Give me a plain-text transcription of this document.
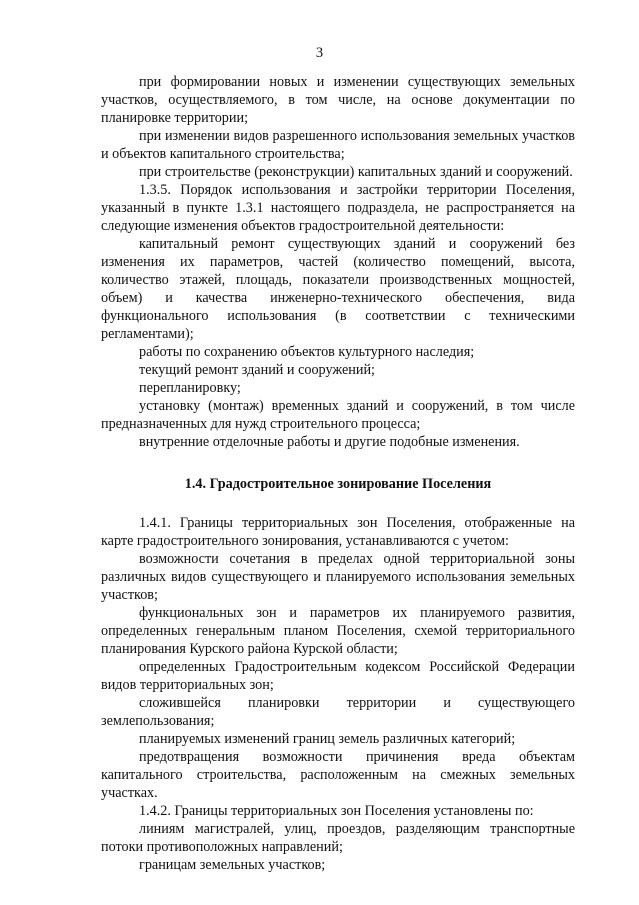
3

при формировании новых и изменении существующих земельных участков, осуществляемого, в том числе, на основе документации по планировке территории;

при изменении видов разрешенного использования земельных участков и объектов капитального строительства;

при строительстве (реконструкции) капитальных зданий и сооружений.

1.3.5. Порядок использования и застройки территории Поселения, указанный в пункте 1.3.1 настоящего подраздела, не распространяется на следующие изменения объектов градостроительной деятельности:

капитальный ремонт существующих зданий и сооружений без изменения их параметров, частей (количество помещений, высота, количество этажей, площадь, показатели производственных мощностей, объем) и качества инженерно-технического обеспечения, вида функционального использования (в соответствии с техническими регламентами);

работы по сохранению объектов культурного наследия;

текущий ремонт зданий и сооружений;

перепланировку;

установку (монтаж) временных зданий и сооружений, в том числе предназначенных для нужд строительного процесса;

внутренние отделочные работы и другие подобные изменения.

1.4. Градостроительное зонирование Поселения

1.4.1. Границы территориальных зон Поселения, отображенные на карте градостроительного зонирования, устанавливаются с учетом:

возможности сочетания в пределах одной территориальной зоны различных видов существующего и планируемого использования земельных участков;

функциональных зон и параметров их планируемого развития, определенных генеральным планом Поселения, схемой территориального планирования Курского района Курской области;

определенных Градостроительным кодексом Российской Федерации видов территориальных зон;

сложившейся планировки территории и существующего землепользования;

планируемых изменений границ земель различных категорий;

предотвращения возможности причинения вреда объектам капитального строительства, расположенным на смежных земельных участках.

1.4.2. Границы территориальных зон Поселения установлены по:

линиям магистралей, улиц, проездов, разделяющим транспортные потоки противоположных направлений;

границам земельных участков;
